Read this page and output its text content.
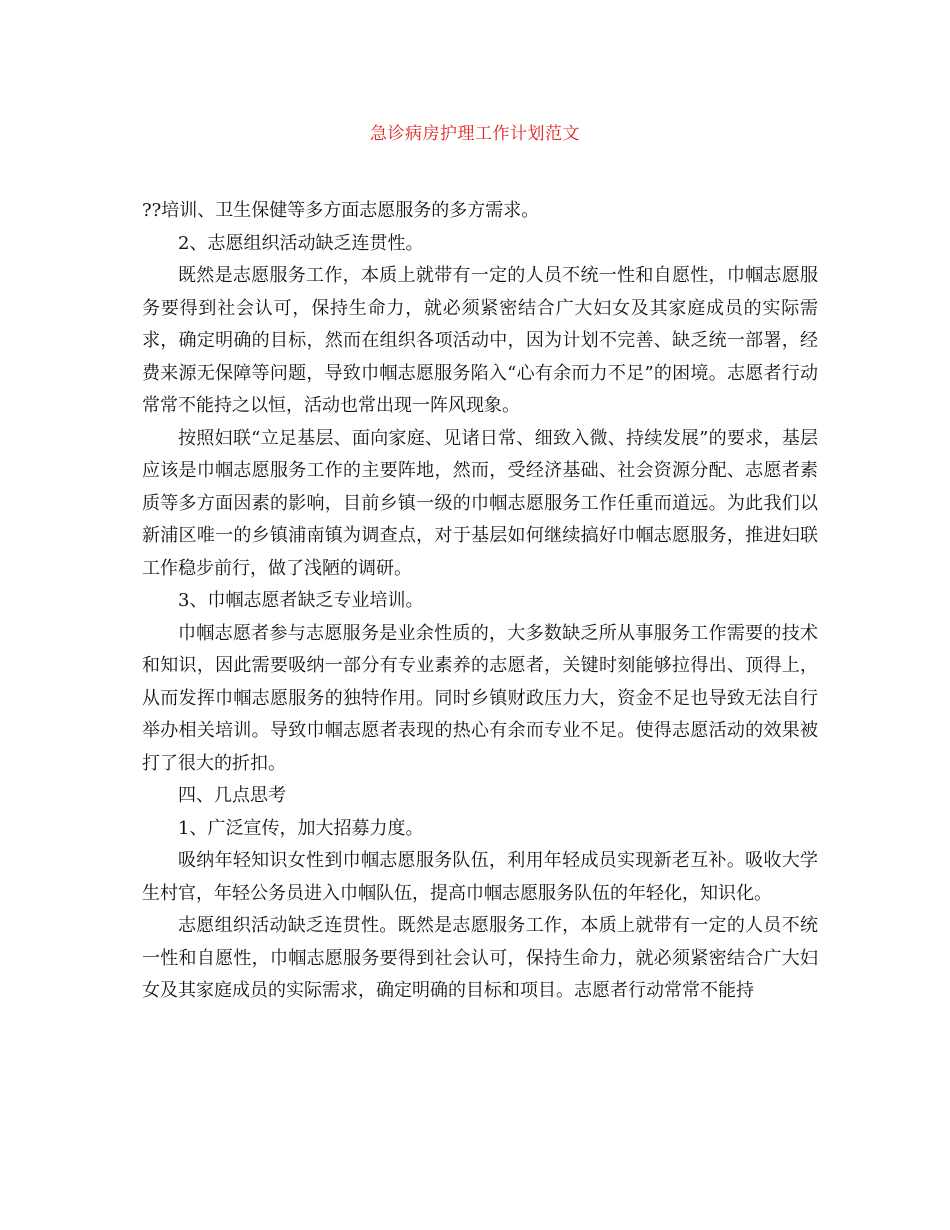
急诊病房护理工作计划范文

??培训、卫生保健等多方面志愿服务的多方需求。

2、志愿组织活动缺乏连贯性。

既然是志愿服务工作，本质上就带有一定的人员不统一性和自愿性，巾帼志愿服务要得到社会认可，保持生命力，就必须紧密结合广大妇女及其家庭成员的实际需求，确定明确的目标，然而在组织各项活动中，因为计划不完善、缺乏统一部署，经费来源无保障等问题，导致巾帼志愿服务陷入“心有余而力不足”的困境。志愿者行动常常不能持之以恒，活动也常出现一阵风现象。

按照妇联“立足基层、面向家庭、见诸日常、细致入微、持续发展”的要求，基层应该是巾帼志愿服务工作的主要阵地，然而，受经济基础、社会资源分配、志愿者素质等多方面因素的影响，目前乡镇一级的巾帼志愿服务工作任重而道远。为此我们以新浦区唯一的乡镇浦南镇为调查点，对于基层如何继续搞好巾帼志愿服务，推进妇联工作稳步前行，做了浅陋的调研。

3、巾帼志愿者缺乏专业培训。

巾帼志愿者参与志愿服务是业余性质的，大多数缺乏所从事服务工作需要的技术和知识，因此需要吸纳一部分有专业素养的志愿者，关键时刻能够拉得出、顶得上，从而发挥巾帼志愿服务的独特作用。同时乡镇财政压力大，资金不足也导致无法自行举办相关培训。导致巾帼志愿者表现的热心有余而专业不足。使得志愿活动的效果被打了很大的折扣。

四、几点思考

1、广泛宣传，加大招募力度。

吸纳年轻知识女性到巾帼志愿服务队伍，利用年轻成员实现新老互补。吸收大学生村官，年轻公务员进入巾帼队伍，提高巾帼志愿服务队伍的年轻化，知识化。

志愿组织活动缺乏连贯性。既然是志愿服务工作，本质上就带有一定的人员不统一性和自愿性，巾帼志愿服务要得到社会认可，保持生命力，就必须紧密结合广大妇女及其家庭成员的实际需求，确定明确的目标和项目。志愿者行动常常不能持
